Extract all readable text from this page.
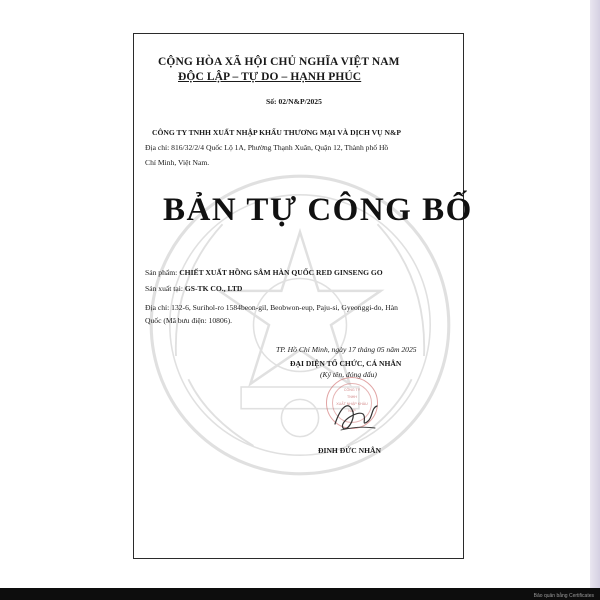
Bảo quản bằng Certificates
CỘNG HÒA XÃ HỘI CHỦ NGHĨA VIỆT NAM
ĐỘC LẬP – TỰ DO – HẠNH PHÚC
Số: 02/N&P/2025
CÔNG TY TNHH XUẤT NHẬP KHẨU THƯƠNG MẠI VÀ DỊCH VỤ N&P
Địa chỉ: 816/32/2/4 Quốc Lộ 1A, Phường Thạnh Xuân, Quận 12, Thành phố Hồ
Chí Minh, Việt Nam.
BẢN TỰ CÔNG BỐ
Sản phẩm: CHIẾT XUẤT HỒNG SÂM HÀN QUỐC RED GINSENG GO
Sản xuất tại: GS-TK CO., LTD
Địa chỉ: 132-6, Surihol-ro 1584beon-gil, Beobwon-eup, Paju-si, Gyeonggi-do, Hàn
Quốc (Mã bưu điện: 10806).
TP. Hồ Chí Minh, ngày 17 tháng 05 năm 2025
ĐẠI DIỆN TỔ CHỨC, CÁ NHÂN
(Ký tên, đóng dấu)
CÔNG TY
TNHH
XUẤT NHẬP KHẨU
N&P
ĐINH ĐỨC NHÂN
